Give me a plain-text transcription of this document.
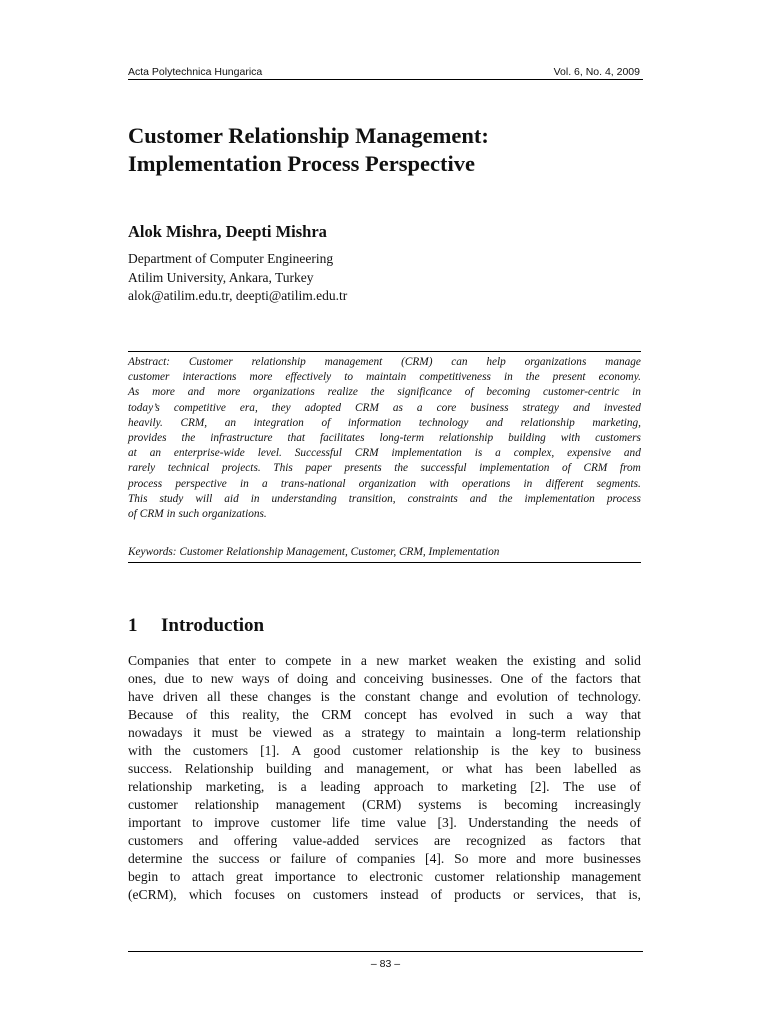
Acta Polytechnica Hungarica	Vol. 6, No. 4, 2009
Customer Relationship Management:
Implementation Process Perspective
Alok Mishra, Deepti Mishra
Department of Computer Engineering
Atilim University, Ankara, Turkey
alok@atilim.edu.tr, deepti@atilim.edu.tr
Abstract: Customer relationship management (CRM) can help organizations manage
customer interactions more effectively to maintain competitiveness in the present economy.
As more and more organizations realize the significance of becoming customer-centric in
today’s competitive era, they adopted CRM as a core business strategy and invested
heavily. CRM, an integration of information technology and relationship marketing,
provides the infrastructure that facilitates long-term relationship building with customers
at an enterprise-wide level. Successful CRM implementation is a complex, expensive and
rarely technical projects. This paper presents the successful implementation of CRM from
process perspective in a trans-national organization with operations in different segments.
This study will aid in understanding transition, constraints and the implementation process
of CRM in such organizations.
Keywords: Customer Relationship Management, Customer, CRM, Implementation
1 Introduction
Companies that enter to compete in a new market weaken the existing and solid
ones, due to new ways of doing and conceiving businesses. One of the factors that
have driven all these changes is the constant change and evolution of technology.
Because of this reality, the CRM concept has evolved in such a way that
nowadays it must be viewed as a strategy to maintain a long-term relationship
with the customers [1]. A good customer relationship is the key to business
success. Relationship building and management, or what has been labelled as
relationship marketing, is a leading approach to marketing [2]. The use of
customer relationship management (CRM) systems is becoming increasingly
important to improve customer life time value [3]. Understanding the needs of
customers and offering value-added services are recognized as factors that
determine the success or failure of companies [4]. So more and more businesses
begin to attach great importance to electronic customer relationship management
(eCRM), which focuses on customers instead of products or services, that is,
– 83 –
